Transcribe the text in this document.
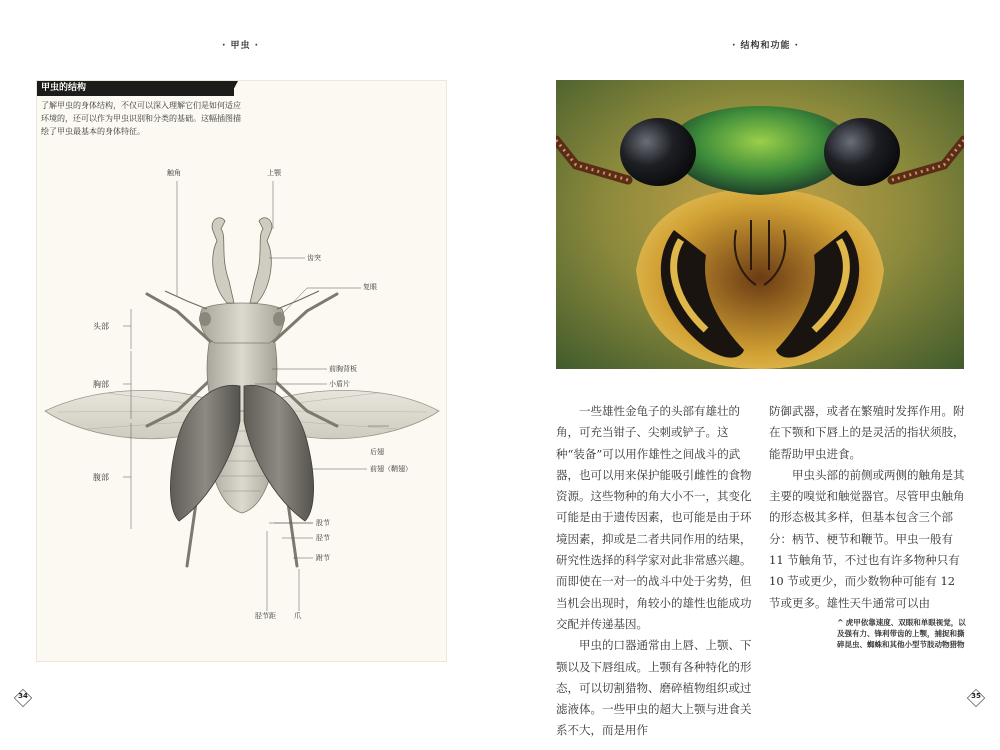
· 甲虫 ·
触角	上颚
齿突
复眼
头部
胸部
腹部
前胸背板
小盾片
后翅
前翅（鞘翅）
股节
胫节
跗节
胫节距	爪
甲虫的结构
了解甲虫的身体结构，不仅可以深入理解它们是如何适应环境的，还可以作为甲虫识别和分类的基础。这幅插图描绘了甲虫最基本的身体特征。
34
· 结构和功能 ·

一些雄性金龟子的头部有雄壮的角，可充当钳子、尖刺或铲子。这种“装备”可以用作雄性之间战斗的武器，也可以用来保护能吸引雌性的食物资源。这些物种的角大小不一，其变化可能是由于遗传因素，也可能是由于环境因素，抑或是二者共同作用的结果，研究性选择的科学家对此非常感兴趣。而即使在一对一的战斗中处于劣势，但当机会出现时，角较小的雄性也能成功交配并传递基因。

甲虫的口器通常由上唇、上颚、下颚以及下唇组成。上颚有各种特化的形态，可以切割猎物、磨碎植物组织或过滤液体。一些甲虫的超大上颚与进食关系不大，而是用作

防御武器，或者在繁殖时发挥作用。附在下颚和下唇上的是灵活的指状须肢，能帮助甲虫进食。

甲虫头部的前侧或两侧的触角是其主要的嗅觉和触觉器官。尽管甲虫触角的形态极其多样，但基本包含三个部分：柄节、梗节和鞭节。甲虫一般有 11 节触角节，不过也有许多物种只有 10 节或更少，而少数物种可能有 12 节或更多。雄性天牛通常可以由

^ 虎甲依靠速度、双眼和单眼视觉，以及强有力、锋利带齿的上颚，捕捉和撕碎昆虫、蜘蛛和其他小型节肢动物猎物
35
